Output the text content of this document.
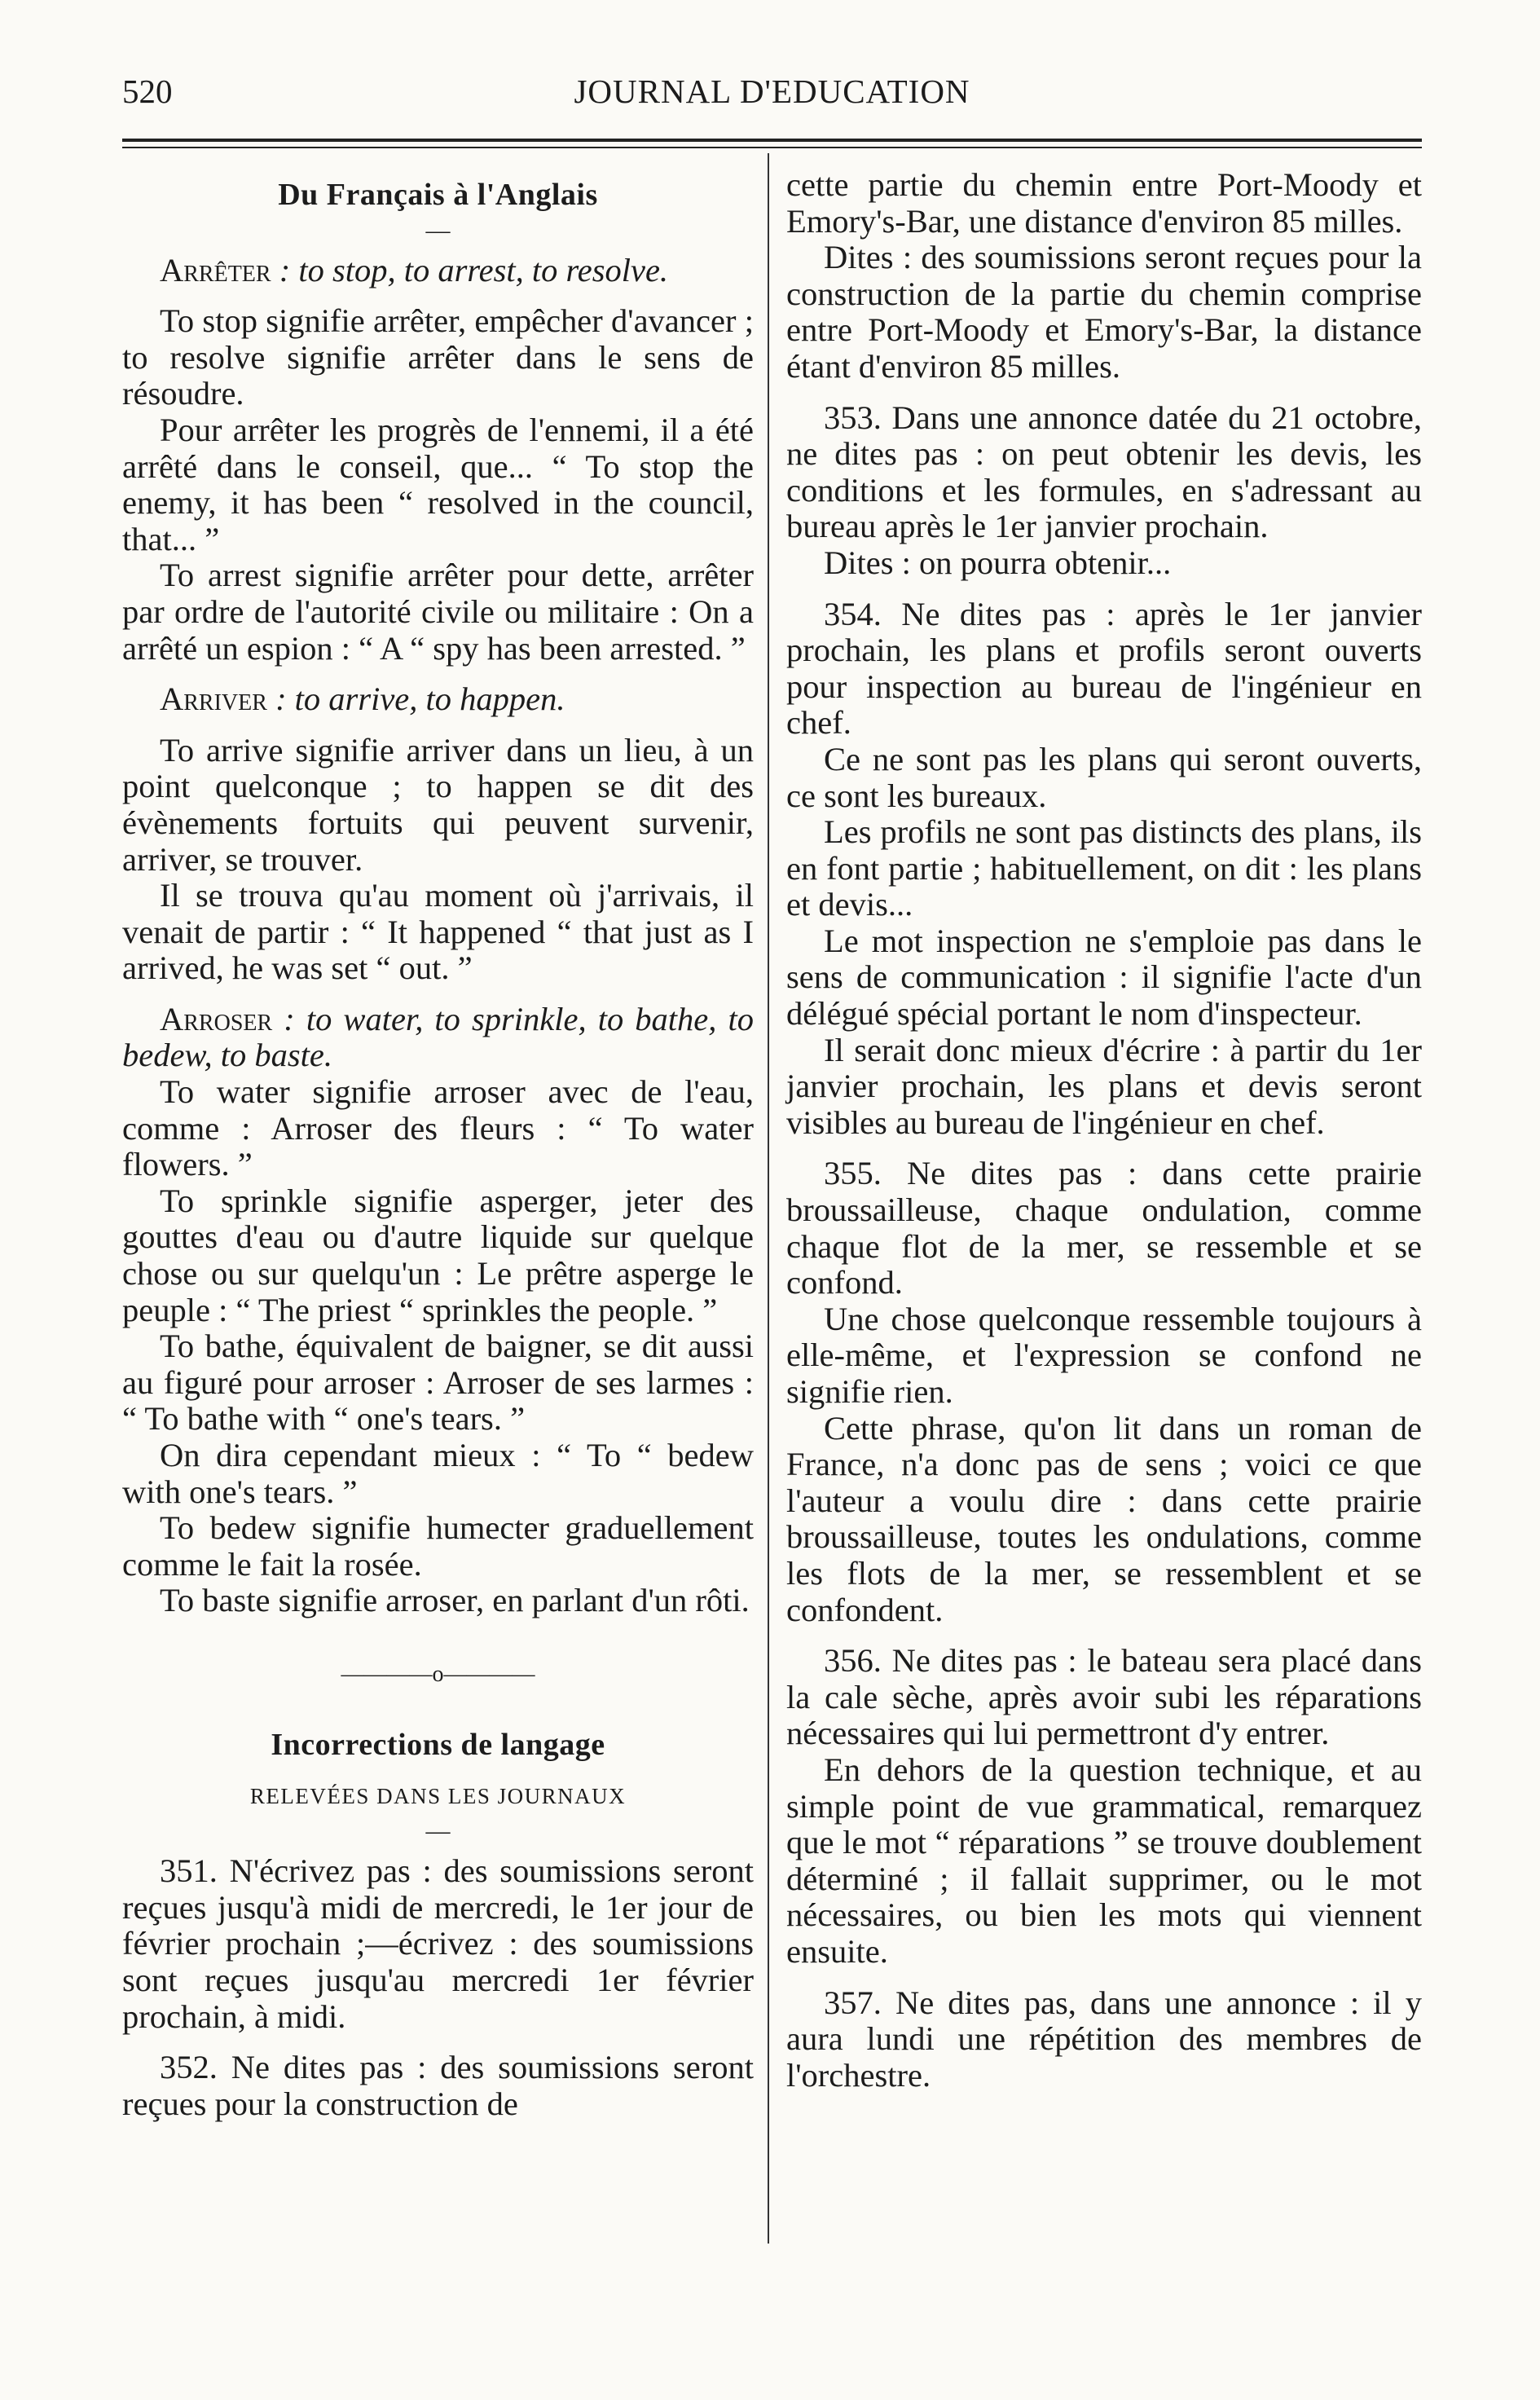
520	JOURNAL D'EDUCATION
Du Français à l'Anglais
—

Arrêter : to stop, to arrest, to resolve.

To stop signifie arrêter, empêcher d'avancer ; to resolve signifie arrêter dans le sens de résoudre.

Pour arrêter les progrès de l'ennemi, il a été arrêté dans le conseil, que... “ To stop the enemy, it has been “ resolved in the council, that... ”

To arrest signifie arrêter pour dette, arrêter par ordre de l'autorité civile ou militaire : On a arrêté un espion : “ A “ spy has been arrested. ”

Arriver : to arrive, to happen.

To arrive signifie arriver dans un lieu, à un point quelconque ; to happen se dit des évènements fortuits qui peuvent survenir, arriver, se trouver.

Il se trouva qu'au moment où j'arrivais, il venait de partir : “ It happened “ that just as I arrived, he was set “ out. ”

Arroser : to water, to sprinkle, to bathe, to bedew, to baste.

To water signifie arroser avec de l'eau, comme : Arroser des fleurs : “ To water flowers. ”

To sprinkle signifie asperger, jeter des gouttes d'eau ou d'autre liquide sur quelque chose ou sur quelqu'un : Le prêtre asperge le peuple : “ The priest “ sprinkles the people. ”

To bathe, équivalent de baigner, se dit aussi au figuré pour arroser : Arroser de ses larmes : “ To bathe with “ one's tears. ”

On dira cependant mieux : “ To “ bedew with one's tears. ”

To bedew signifie humecter graduellement comme le fait la rosée.

To baste signifie arroser, en parlant d'un rôti.

————o————
Incorrections de langage
RELEVÉES DANS LES JOURNAUX
—

351. N'écrivez pas : des soumissions seront reçues jusqu'à midi de mercredi, le 1er jour de février prochain ;—écrivez : des soumissions sont reçues jusqu'au mercredi 1er février prochain, à midi.

352. Ne dites pas : des soumissions seront reçues pour la construction de

cette partie du chemin entre Port-Moody et Emory's-Bar, une distance d'environ 85 milles.

Dites : des soumissions seront reçues pour la construction de la partie du chemin comprise entre Port-Moody et Emory's-Bar, la distance étant d'environ 85 milles.

353. Dans une annonce datée du 21 octobre, ne dites pas : on peut obtenir les devis, les conditions et les formules, en s'adressant au bureau après le 1er janvier prochain.

Dites : on pourra obtenir...

354. Ne dites pas : après le 1er janvier prochain, les plans et profils seront ouverts pour inspection au bureau de l'ingénieur en chef.

Ce ne sont pas les plans qui seront ouverts, ce sont les bureaux.

Les profils ne sont pas distincts des plans, ils en font partie ; habituellement, on dit : les plans et devis...

Le mot inspection ne s'emploie pas dans le sens de communication : il signifie l'acte d'un délégué spécial portant le nom d'inspecteur.

Il serait donc mieux d'écrire : à partir du 1er janvier prochain, les plans et devis seront visibles au bureau de l'ingénieur en chef.

355. Ne dites pas : dans cette prairie broussailleuse, chaque ondulation, comme chaque flot de la mer, se ressemble et se confond.

Une chose quelconque ressemble toujours à elle-même, et l'expression se confond ne signifie rien.

Cette phrase, qu'on lit dans un roman de France, n'a donc pas de sens ; voici ce que l'auteur a voulu dire : dans cette prairie broussailleuse, toutes les ondulations, comme les flots de la mer, se ressemblent et se confondent.

356. Ne dites pas : le bateau sera placé dans la cale sèche, après avoir subi les réparations nécessaires qui lui permettront d'y entrer.

En dehors de la question technique, et au simple point de vue grammatical, remarquez que le mot “ réparations ” se trouve doublement déterminé ; il fallait supprimer, ou le mot nécessaires, ou bien les mots qui viennent ensuite.

357. Ne dites pas, dans une annonce : il y aura lundi une répétition des membres de l'orchestre.
